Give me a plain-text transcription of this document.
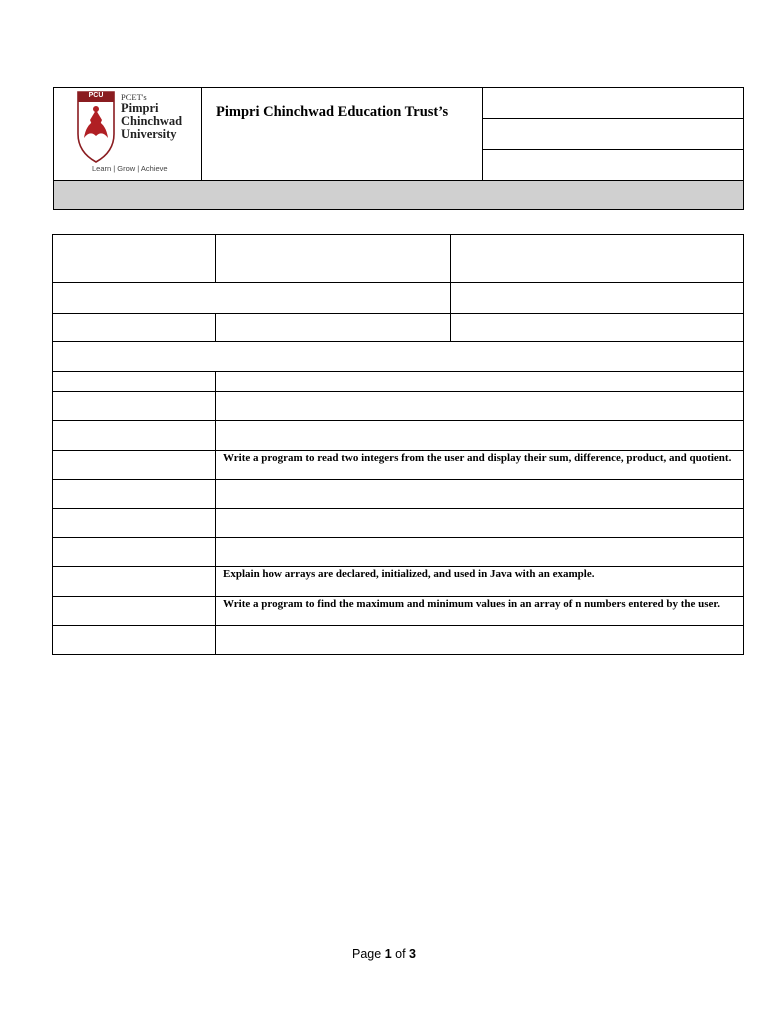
PCU	PCET's
Pimpri
Chinchwad
University
Learn | Grow | Achieve
Pimpri Chinchwad Education Trust’s
Write a program to read two integers from the user and display their sum, difference, product, and quotient.
Explain how arrays are declared, initialized, and used in Java with an example.
Write a program to find the maximum and minimum values in an array of n numbers entered by the user.
Page 1 of 3
